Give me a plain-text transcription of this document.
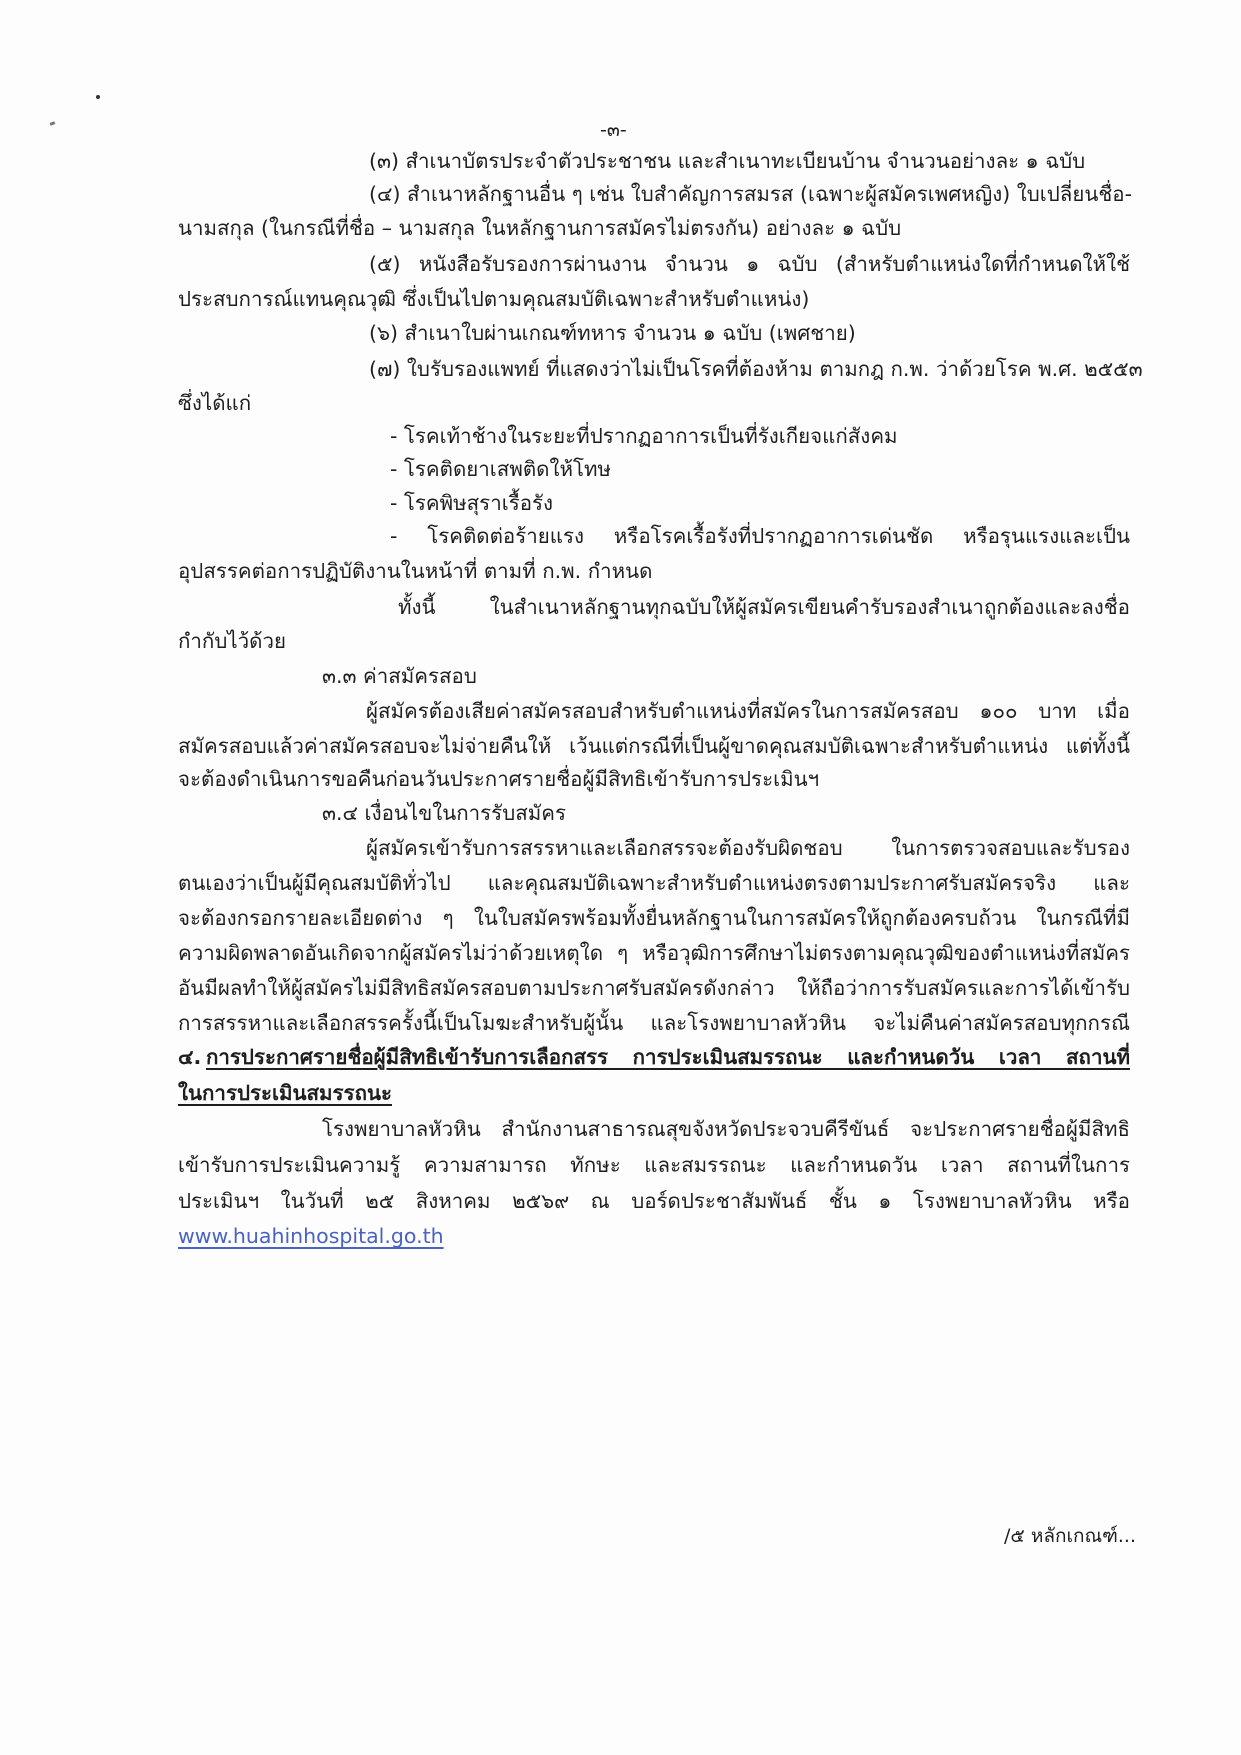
-๓-

(๓) สำเนาบัตรประจำตัวประชาชน และสำเนาทะเบียนบ้าน จำนวนอย่างละ ๑ ฉบับ

(๔) สำเนาหลักฐานอื่น ๆ เช่น ใบสำคัญการสมรส (เฉพาะผู้สมัครเพศหญิง) ใบเปลี่ยนชื่อ-

นามสกุล (ในกรณีที่ชื่อ – นามสกุล ในหลักฐานการสมัครไม่ตรงกัน) อย่างละ ๑ ฉบับ

(๕) หนังสือรับรองการผ่านงาน จำนวน ๑ ฉบับ (สำหรับตำแหน่งใดที่กำหนดให้ใช้

ประสบการณ์แทนคุณวุฒิ ซึ่งเป็นไปตามคุณสมบัติเฉพาะสำหรับตำแหน่ง)

(๖) สำเนาใบผ่านเกณฑ์ทหาร จำนวน ๑ ฉบับ (เพศชาย)

(๗) ใบรับรองแพทย์ ที่แสดงว่าไม่เป็นโรคที่ต้องห้าม ตามกฎ ก.พ. ว่าด้วยโรค พ.ศ. ๒๕๕๓

ซึ่งได้แก่

- โรคเท้าช้างในระยะที่ปรากฏอาการเป็นที่รังเกียจแก่สังคม

- โรคติดยาเสพติดให้โทษ

- โรคพิษสุราเรื้อรัง

- โรคติดต่อร้ายแรง หรือโรคเรื้อรังที่ปรากฏอาการเด่นชัด หรือรุนแรงและเป็น

อุปสรรคต่อการปฏิบัติงานในหน้าที่ ตามที่ ก.พ. กำหนด

ทั้งนี้ ในสำเนาหลักฐานทุกฉบับให้ผู้สมัครเขียนคำรับรองสำเนาถูกต้องและลงชื่อ

กำกับไว้ด้วย

๓.๓ ค่าสมัครสอบ

ผู้สมัครต้องเสียค่าสมัครสอบสำหรับตำแหน่งที่สมัครในการสมัครสอบ ๑๐๐ บาท เมื่อ

สมัครสอบแล้วค่าสมัครสอบจะไม่จ่ายคืนให้ เว้นแต่กรณีที่เป็นผู้ขาดคุณสมบัติเฉพาะสำหรับตำแหน่ง แต่ทั้งนี้

จะต้องดำเนินการขอคืนก่อนวันประกาศรายชื่อผู้มีสิทธิเข้ารับการประเมินฯ

๓.๔ เงื่อนไขในการรับสมัคร

ผู้สมัครเข้ารับการสรรหาและเลือกสรรจะต้องรับผิดชอบ ในการตรวจสอบและรับรอง

ตนเองว่าเป็นผู้มีคุณสมบัติทั่วไป และคุณสมบัติเฉพาะสำหรับตำแหน่งตรงตามประกาศรับสมัครจริง และ

จะต้องกรอกรายละเอียดต่าง ๆ ในใบสมัครพร้อมทั้งยื่นหลักฐานในการสมัครให้ถูกต้องครบถ้วน ในกรณีที่มี

ความผิดพลาดอันเกิดจากผู้สมัครไม่ว่าด้วยเหตุใด ๆ หรือวุฒิการศึกษาไม่ตรงตามคุณวุฒิของตำแหน่งที่สมัคร

อันมีผลทำให้ผู้สมัครไม่มีสิทธิสมัครสอบตามประกาศรับสมัครดังกล่าว ให้ถือว่าการรับสมัครและการได้เข้ารับ

การสรรหาและเลือกสรรครั้งนี้เป็นโมฆะสำหรับผู้นั้น และโรงพยาบาลหัวหิน จะไม่คืนค่าสมัครสอบทุกกรณี

๔. การประกาศรายชื่อผู้มีสิทธิเข้ารับการเลือกสรร การประเมินสมรรถนะ และกำหนดวัน เวลา สถานที่

ในการประเมินสมรรถนะ

โรงพยาบาลหัวหิน สำนักงานสาธารณสุขจังหวัดประจวบคีรีขันธ์ จะประกาศรายชื่อผู้มีสิทธิ

เข้ารับการประเมินความรู้ ความสามารถ ทักษะ และสมรรถนะ และกำหนดวัน เวลา สถานที่ในการ

ประเมินฯ ในวันที่ ๒๕ สิงหาคม ๒๕๖๙ ณ บอร์ดประชาสัมพันธ์ ชั้น ๑ โรงพยาบาลหัวหิน หรือ

www.huahinhospital.go.th

/๕ หลักเกณฑ์...
